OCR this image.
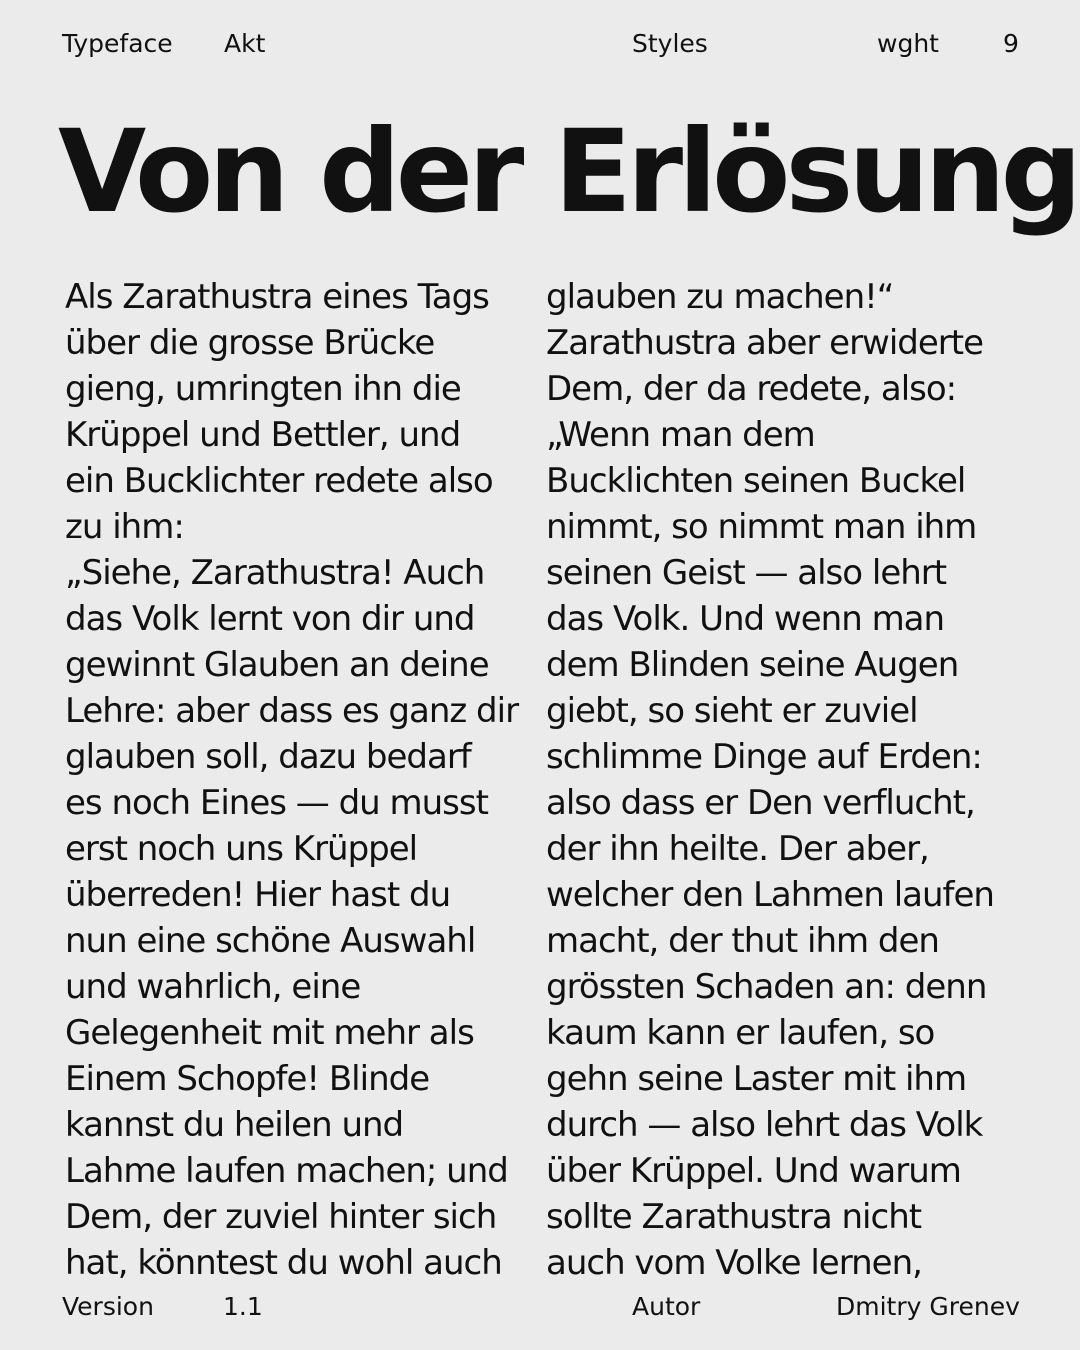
Typeface Akt	Styles	wght	9
Von der Erlösung
Als Zarathustra eines Tags
über die grosse Brücke
gieng, umringten ihn die
Krüppel und Bettler, und
ein Bucklichter redete also
zu ihm:
„Siehe, Zarathustra! Auch
das Volk lernt von dir und
gewinnt Glauben an deine
Lehre: aber dass es ganz dir
glauben soll, dazu bedarf
es noch Eines — du musst
erst noch uns Krüppel
überreden! Hier hast du
nun eine schöne Auswahl
und wahrlich, eine
Gelegenheit mit mehr als
Einem Schopfe! Blinde
kannst du heilen und
Lahme laufen machen; und
Dem, der zuviel hinter sich
hat, könntest du wohl auch
glauben zu machen!“
Zarathustra aber erwiderte
Dem, der da redete, also:
„Wenn man dem
Bucklichten seinen Buckel
nimmt, so nimmt man ihm
seinen Geist — also lehrt
das Volk. Und wenn man
dem Blinden seine Augen
giebt, so sieht er zuviel
schlimme Dinge auf Erden:
also dass er Den verflucht,
der ihn heilte. Der aber,
welcher den Lahmen laufen
macht, der thut ihm den
grössten Schaden an: denn
kaum kann er laufen, so
gehn seine Laster mit ihm
durch — also lehrt das Volk
über Krüppel. Und warum
sollte Zarathustra nicht
auch vom Volke lernen,
Version	1.1	Autor	Dmitry Grenev
